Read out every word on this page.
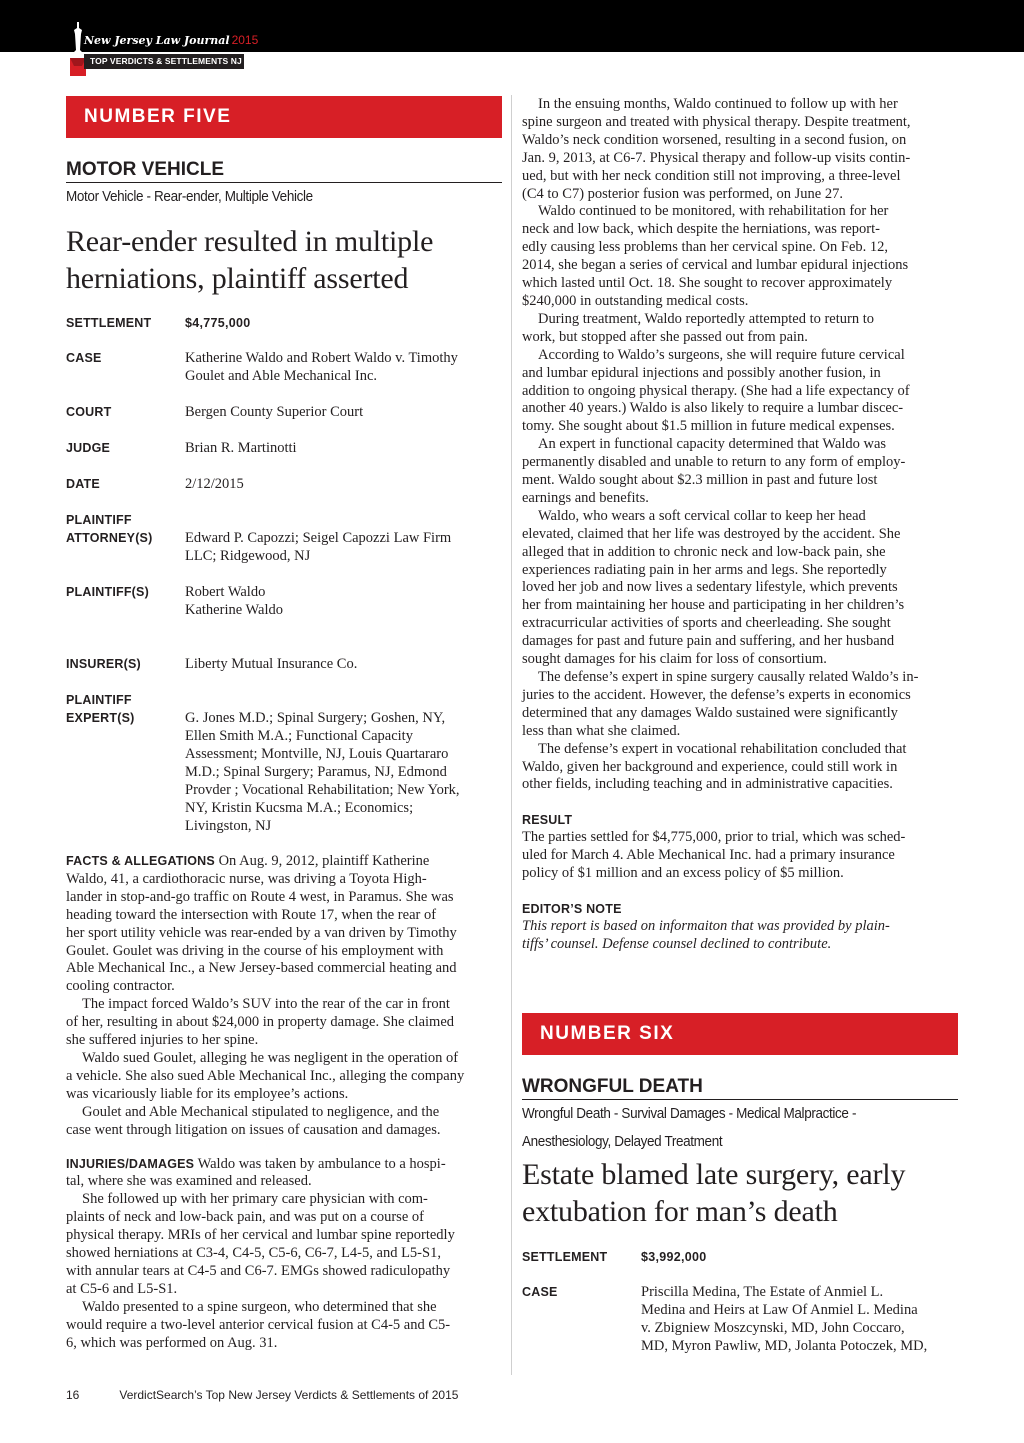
New Jersey Law Journal 2015
TOP VERDICTS & SETTLEMENTS NJ
NUMBER FIVE
MOTOR VEHICLE
Motor Vehicle - Rear-ender, Multiple Vehicle
Rear-ender resulted in multiple
herniations, plaintiff asserted
SETTLEMENT	$4,775,000
CASE	Katherine Waldo and Robert Waldo v. Timothy
Goulet and Able Mechanical Inc.
COURT	Bergen County Superior Court
JUDGE	Brian R. Martinotti
DATE	2/12/2015
PLAINTIFF
ATTORNEY(S)	Edward P. Capozzi; Seigel Capozzi Law Firm
LLC; Ridgewood, NJ
PLAINTIFF(S)	Robert Waldo
Katherine Waldo
INSURER(S)	Liberty Mutual Insurance Co.
PLAINTIFF
EXPERT(S)	G. Jones M.D.; Spinal Surgery; Goshen, NY,
Ellen Smith M.A.; Functional Capacity
Assessment; Montville, NJ, Louis Quartararo
M.D.; Spinal Surgery; Paramus, NJ, Edmond
Provder ; Vocational Rehabilitation; New York,
NY, Kristin Kucsma M.A.; Economics;
Livingston, NJ

FACTS & ALLEGATIONS On Aug. 9, 2012, plaintiff Katherine

Waldo, 41, a cardiothoracic nurse, was driving a Toyota High-

lander in stop-and-go traffic on Route 4 west, in Paramus. She was

heading toward the intersection with Route 17, when the rear of

her sport utility vehicle was rear-ended by a van driven by Timothy

Goulet. Goulet was driving in the course of his employment with

Able Mechanical Inc., a New Jersey-based commercial heating and

cooling contractor.

The impact forced Waldo’s SUV into the rear of the car in front

of her, resulting in about $24,000 in property damage. She claimed

she suffered injuries to her spine.

Waldo sued Goulet, alleging he was negligent in the operation of

a vehicle. She also sued Able Mechanical Inc., alleging the company

was vicariously liable for its employee’s actions.

Goulet and Able Mechanical stipulated to negligence, and the

case went through litigation on issues of causation and damages.

INJURIES/DAMAGES Waldo was taken by ambulance to a hospi-

tal, where she was examined and released.

She followed up with her primary care physician with com-

plaints of neck and low-back pain, and was put on a course of

physical therapy. MRIs of her cervical and lumbar spine reportedly

showed herniations at C3-4, C4-5, C5-6, C6-7, L4-5, and L5-S1,

with annular tears at C4-5 and C6-7. EMGs showed radiculopathy

at C5-6 and L5-S1.

Waldo presented to a spine surgeon, who determined that she

would require a two-level anterior cervical fusion at C4-5 and C5-

6, which was performed on Aug. 31.

In the ensuing months, Waldo continued to follow up with her

spine surgeon and treated with physical therapy. Despite treatment,

Waldo’s neck condition worsened, resulting in a second fusion, on

Jan. 9, 2013, at C6-7. Physical therapy and follow-up visits contin-

ued, but with her neck condition still not improving, a three-level

(C4 to C7) posterior fusion was performed, on June 27.

Waldo continued to be monitored, with rehabilitation for her

neck and low back, which despite the herniations, was report-

edly causing less problems than her cervical spine. On Feb. 12,

2014, she began a series of cervical and lumbar epidural injections

which lasted until Oct. 18. She sought to recover approximately

$240,000 in outstanding medical costs.

During treatment, Waldo reportedly attempted to return to

work, but stopped after she passed out from pain.

According to Waldo’s surgeons, she will require future cervical

and lumbar epidural injections and possibly another fusion, in

addition to ongoing physical therapy. (She had a life expectancy of

another 40 years.) Waldo is also likely to require a lumbar discec-

tomy. She sought about $1.5 million in future medical expenses.

An expert in functional capacity determined that Waldo was

permanently disabled and unable to return to any form of employ-

ment. Waldo sought about $2.3 million in past and future lost

earnings and benefits.

Waldo, who wears a soft cervical collar to keep her head

elevated, claimed that her life was destroyed by the accident. She

alleged that in addition to chronic neck and low-back pain, she

experiences radiating pain in her arms and legs. She reportedly

loved her job and now lives a sedentary lifestyle, which prevents

her from maintaining her house and participating in her children’s

extracurricular activities of sports and cheerleading. She sought

damages for past and future pain and suffering, and her husband

sought damages for his claim for loss of consortium.

The defense’s expert in spine surgery causally related Waldo’s in-

juries to the accident. However, the defense’s experts in economics

determined that any damages Waldo sustained were significantly

less than what she claimed.

The defense’s expert in vocational rehabilitation concluded that

Waldo, given her background and experience, could still work in

other fields, including teaching and in administrative capacities.

RESULT

The parties settled for $4,775,000, prior to trial, which was sched-

uled for March 4. Able Mechanical Inc. had a primary insurance

policy of $1 million and an excess policy of $5 million.

EDITOR’S NOTE

This report is based on informaiton that was provided by plain-

tiffs’ counsel. Defense counsel declined to contribute.

NUMBER SIX
WRONGFUL DEATH
Wrongful Death - Survival Damages - Medical Malpractice -
Anesthesiology, Delayed Treatment
Estate blamed late surgery, early
extubation for man’s death
SETTLEMENT	$3,992,000
CASE	Priscilla Medina, The Estate of Anmiel L.
Medina and Heirs at Law Of Anmiel L. Medina
v. Zbigniew Moszcynski, MD, John Coccaro,
MD, Myron Pawliw, MD, Jolanta Potoczek, MD,
16	VerdictSearch’s Top New Jersey Verdicts & Settlements of 2015
